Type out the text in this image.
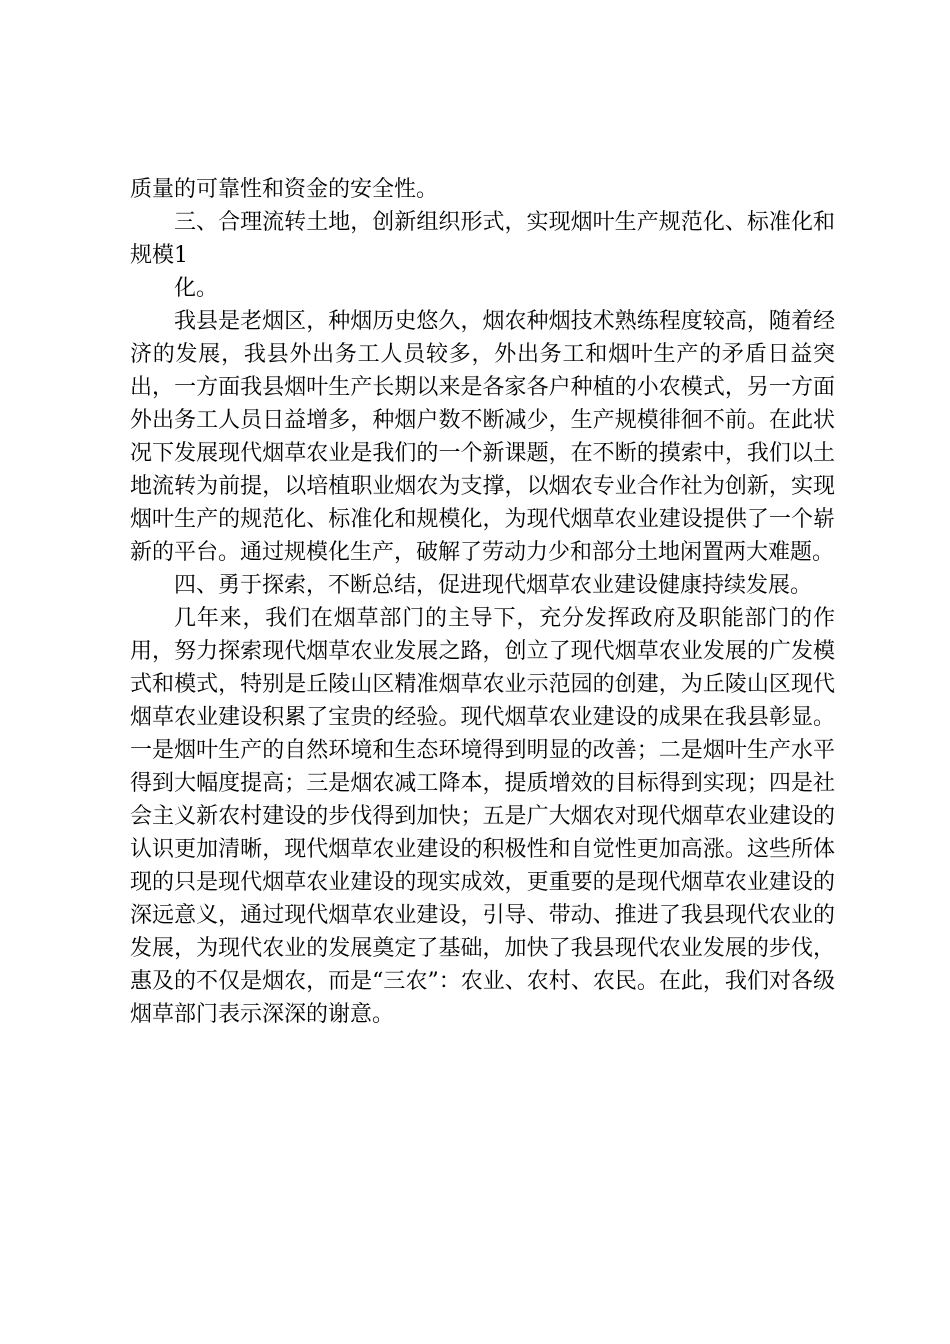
质量的可靠性和资金的安全性。

三、合理流转土地，创新组织形式，实现烟叶生产规范化、标准化和规模1

化。

我县是老烟区，种烟历史悠久，烟农种烟技术熟练程度较高，随着经济的发展，我县外出务工人员较多，外出务工和烟叶生产的矛盾日益突出，一方面我县烟叶生产长期以来是各家各户种植的小农模式，另一方面外出务工人员日益增多，种烟户数不断减少，生产规模徘徊不前。在此状况下发展现代烟草农业是我们的一个新课题，在不断的摸索中，我们以土地流转为前提，以培植职业烟农为支撑，以烟农专业合作社为创新，实现烟叶生产的规范化、标准化和规模化，为现代烟草农业建设提供了一个崭新的平台。通过规模化生产，破解了劳动力少和部分土地闲置两大难题。

四、勇于探索，不断总结，促进现代烟草农业建设健康持续发展。

几年来，我们在烟草部门的主导下，充分发挥政府及职能部门的作用，努力探索现代烟草农业发展之路，创立了现代烟草农业发展的广发模式和模式，特别是丘陵山区精准烟草农业示范园的创建，为丘陵山区现代烟草农业建设积累了宝贵的经验。现代烟草农业建设的成果在我县彰显。一是烟叶生产的自然环境和生态环境得到明显的改善；二是烟叶生产水平得到大幅度提高；三是烟农减工降本，提质增效的目标得到实现；四是社会主义新农村建设的步伐得到加快；五是广大烟农对现代烟草农业建设的认识更加清晰，现代烟草农业建设的积极性和自觉性更加高涨。这些所体现的只是现代烟草农业建设的现实成效，更重要的是现代烟草农业建设的深远意义，通过现代烟草农业建设，引导、带动、推进了我县现代农业的发展，为现代农业的发展奠定了基础，加快了我县现代农业发展的步伐，惠及的不仅是烟农，而是“三农”：农业、农村、农民。在此，我们对各级烟草部门表示深深的谢意。
